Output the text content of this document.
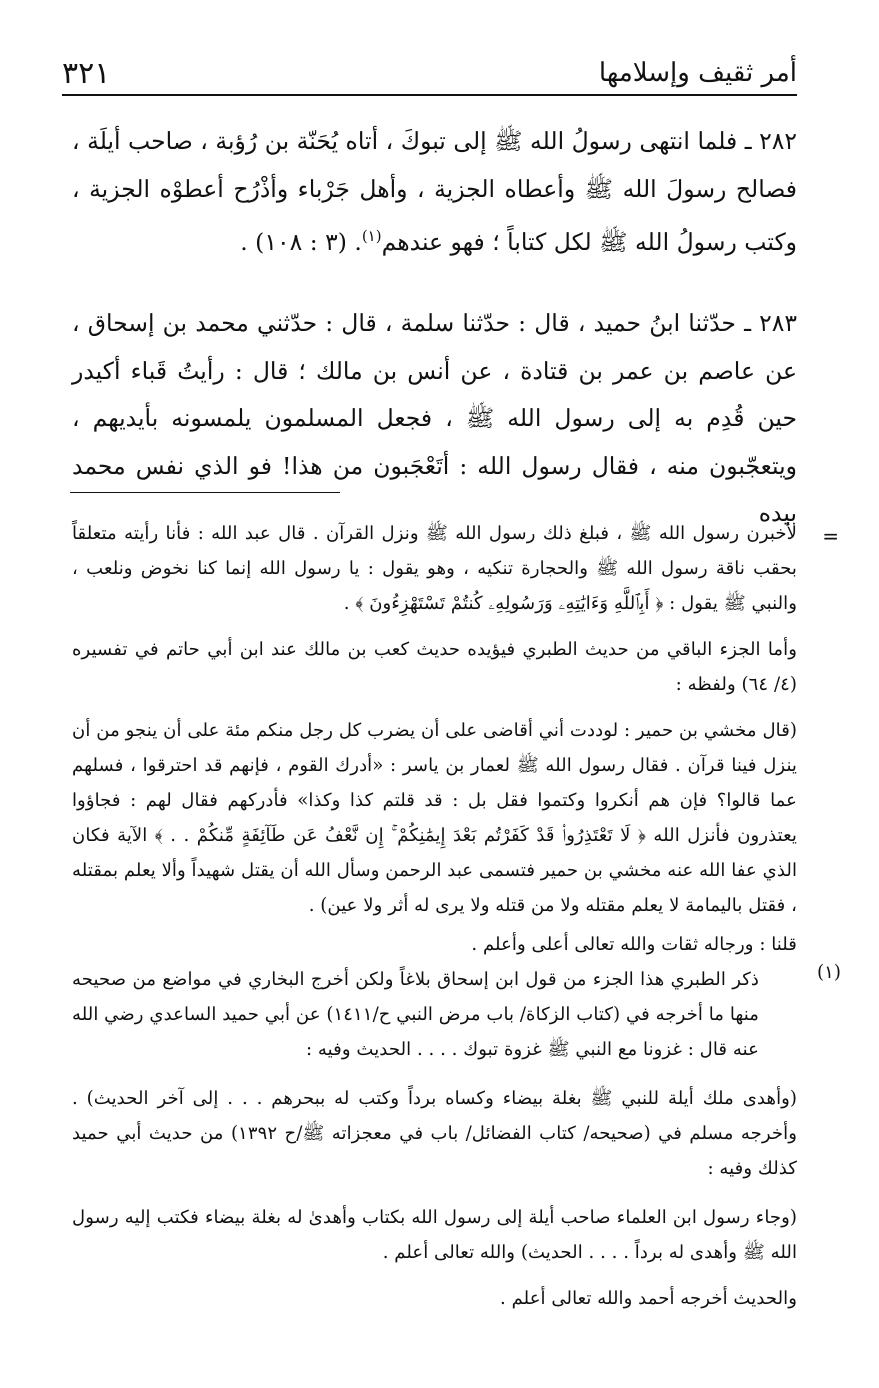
أمر ثقيف وإسلامها
٣٢١

٢٨٢ ـ فلما انتهى رسولُ الله ﷺ إلى تبوكَ ، أتاه يُحَنّة بن رُؤبة ، صاحب أيلَة ، فصالح رسولَ الله ﷺ وأعطاه الجزية ، وأهل جَرْباء وأذْرُح أعطوْه الجزية ، وكتب رسولُ الله ﷺ لكل كتاباً ؛ فهو عندهم$^{(١)}$. (٣ : ١٠٨) .

٢٨٣ ـ حدّثنا ابنُ حميد ، قال : حدّثنا سلمة ، قال : حدّثني محمد بن إسحاق ، عن عاصم بن عمر بن قتادة ، عن أنس بن مالك ؛ قال : رأيتُ قَباء أكيدر حين قُدِم به إلى رسول الله ﷺ ، فجعل المسلمون يلمسونه بأيديهم ، ويتعجّبون منه ، فقال رسول الله : أتَعْجَبون من هذا! فو الذي نفس محمد بيده

=

لأخبرن رسول الله ﷺ ، فبلغ ذلك رسول الله ﷺ ونزل القرآن . قال عبد الله : فأنا رأيته متعلقاً بحقب ناقة رسول الله ﷺ والحجارة تنكيه ، وهو يقول : يا رسول الله إنما كنا نخوض ونلعب ، والنبي ﷺ يقول : ﴿ أَبِٱللَّهِ وَءَايَٰتِهِۦ وَرَسُولِهِۦ كُنتُمْ تَسْتَهْزِءُونَ ﴾ .

وأما الجزء الباقي من حديث الطبري فيؤيده حديث كعب بن مالك عند ابن أبي حاتم في تفسيره (٤/ ٦٤) ولفظه :

(قال مخشي بن حمير : لوددت أني أقاضى على أن يضرب كل رجل منكم مئة على أن ينجو من أن ينزل فينا قرآن . فقال رسول الله ﷺ لعمار بن ياسر : «أدرك القوم ، فإنهم قد احترقوا ، فسلهم عما قالوا؟ فإن هم أنكروا وكتموا فقل بل : قد قلتم كذا وكذا» فأدركهم فقال لهم : فجاؤوا يعتذرون فأنزل الله ﴿ لَا تَعْتَذِرُوا۟ قَدْ كَفَرْتُم بَعْدَ إِيمَٰنِكُمْ ۚ إِن نَّعْفُ عَن طَآئِفَةٍ مِّنكُمْ . . ﴾ الآية فكان الذي عفا الله عنه مخشي بن حمير فتسمى عبد الرحمن وسأل الله أن يقتل شهيداً وألا يعلم بمقتله ، فقتل باليمامة لا يعلم مقتله ولا من قتله ولا يرى له أثر ولا عين) .

قلنا : ورجاله ثقات والله تعالى أعلى وأعلم .

(١)

ذكر الطبري هذا الجزء من قول ابن إسحاق بلاغاً ولكن أخرج البخاري في مواضع من صحيحه منها ما أخرجه في (كتاب الزكاة/ باب مرض النبي ح/١٤١١) عن أبي حميد الساعدي رضي الله عنه قال : غزونا مع النبي ﷺ غزوة تبوك . . . . الحديث وفيه :

(وأهدى ملك أيلة للنبي ﷺ بغلة بيضاء وكساه برداً وكتب له ببحرهم . . . إلى آخر الحديث) . وأخرجه مسلم في (صحيحه/ كتاب الفضائل/ باب في معجزاته ﷺ/ح ١٣٩٢) من حديث أبي حميد كذلك وفيه :

(وجاء رسول ابن العلماء صاحب أيلة إلى رسول الله بكتاب وأهدىٰ له بغلة بيضاء فكتب إليه رسول الله ﷺ وأهدى له برداً . . . . الحديث) والله تعالى أعلم .

والحديث أخرجه أحمد والله تعالى أعلم .
